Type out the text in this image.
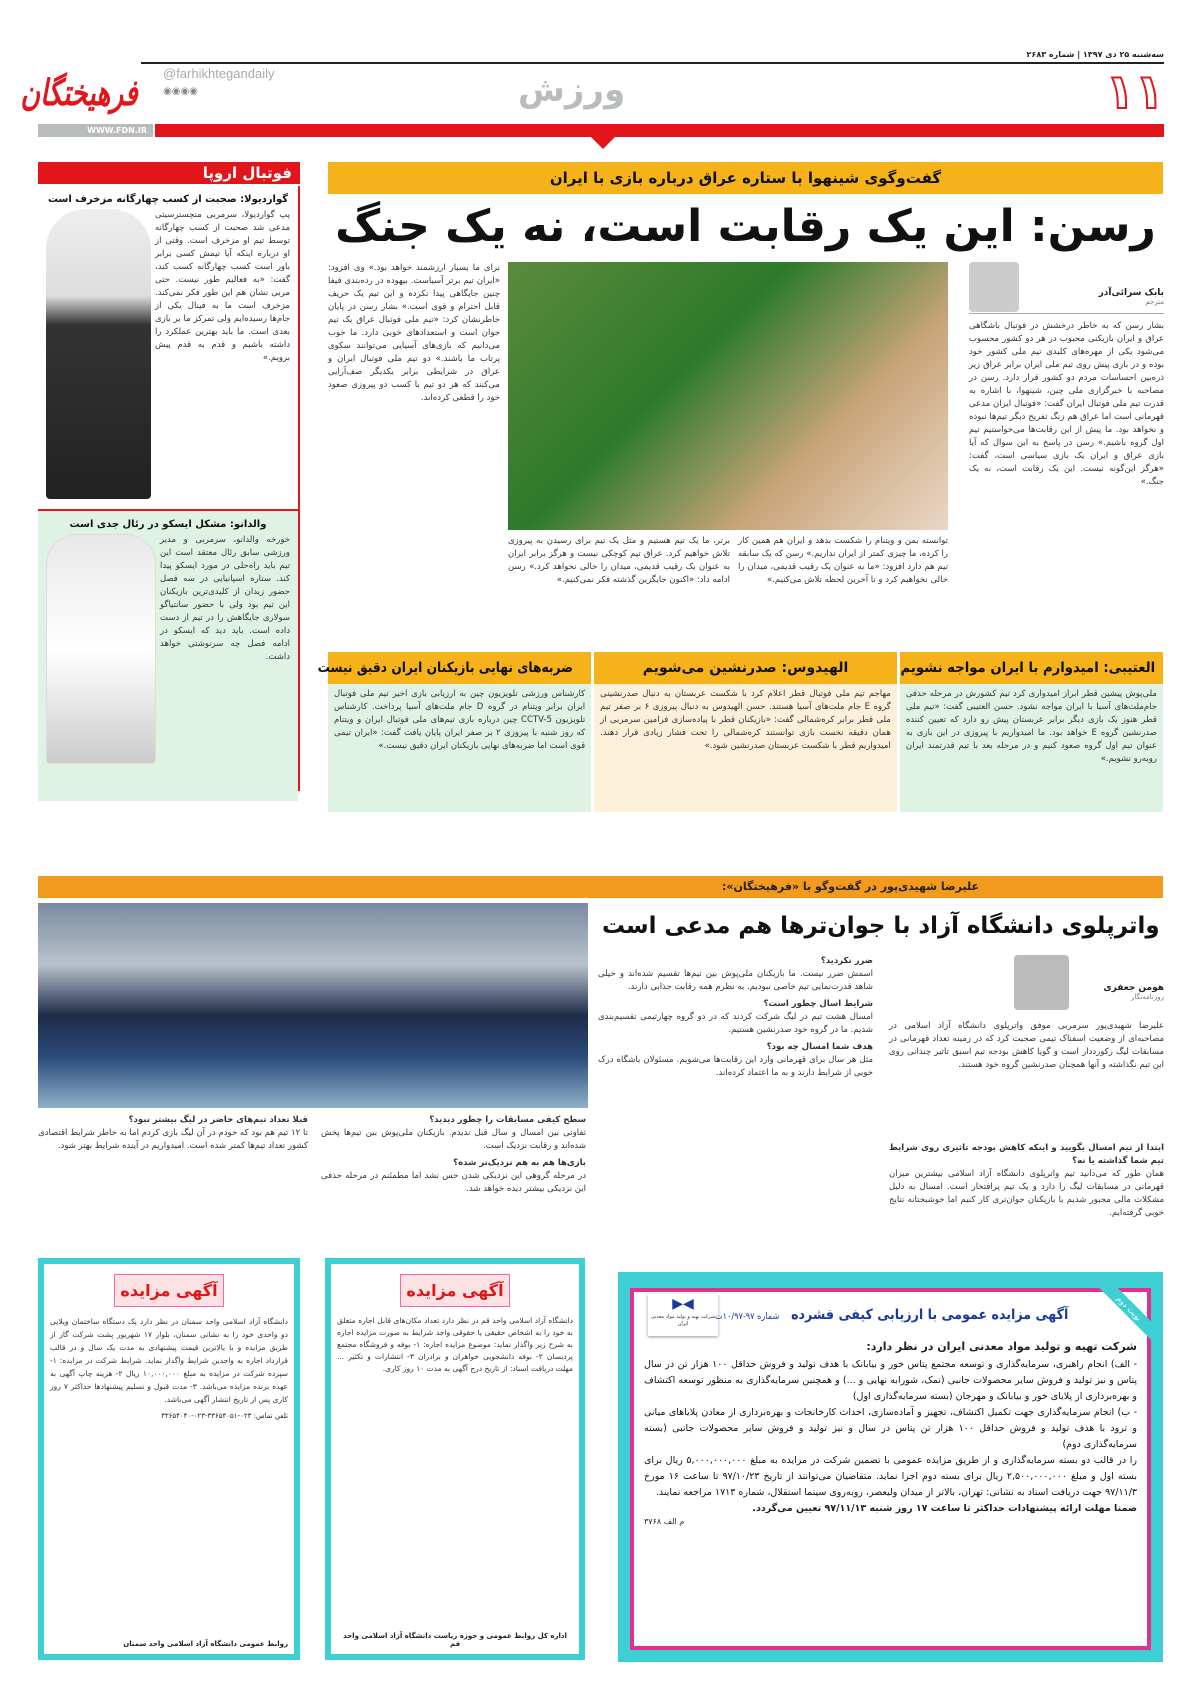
سه‌شنبه ۲۵ دی ۱۳۹۷ | شماره ۲۶۸۳
فرهیختگان	@farhikhtegandaily
◉◉◉◉	ورزش	۱۱
WWW.FDN.IR
فوتبال اروپا
گواردیولا: صحبت از کسب چهارگانه مزخرف است
پپ گواردیولا، سرمربی منچسترسیتی مدعی شد صحبت از کسب چهارگانه توسط تیم او مزخرف است. وقتی از او درباره اینکه آیا تیمش کسی برابر باور است کسب چهارگانه کسب کند، گفت: «به فعالیم طور نیست. حتی مربی نشان هم این طور فکر نمی‌کند. مزخرف است ما به فینال یکی از جام‌ها رسیده‌ایم ولی تمرکز ما بر بازی بعدی است. ما باید بهترین عملکرد را داشته باشیم و قدم به قدم پیش برویم.»
والدانو: مشکل ایسکو در رئال جدی است
خورخه والدانو، سرمربی و مدیر ورزشی سابق رئال معتقد است این تیم باید راه‌حلی در مورد ایسکو پیدا کند. ستاره اسپانیایی در سه فصل حضور زیدان از کلیدی‌ترین بازیکنان این تیم بود ولی با حضور سانتیاگو سولاری جایگاهش را در تیم از دست داده است. باید دید که ایسکو در ادامه فصل چه سرنوشتی خواهد داشت.
گفت‌وگوی شینهوا با ستاره عراق درباره بازی با ایران
رسن: این یک رقابت است، نه یک جنگ
بابک سرائی‌آذر
مترجم
بشار رسن که به خاطر درخشش در فوتبال باشگاهی عراق و ایران بازیکنی محبوب در هر دو کشور محسوب می‌شود یکی از مهره‌های کلیدی تیم ملی کشور خود بوده و در بازی پیش روی تیم ملی ایران برابر عراق زیر ذره‌بین احساسات مردم دو کشور قرار دارد. رسن در مصاحبه با خبرگزاری ملی چین، شینهوا، با اشاره به قدرت تیم ملی فوتبال ایران گفت: «فوتبال ایران مدعی قهرمانی است اما عراق هم زنگ تفریح دیگر تیم‌ها نبوده و نخواهد بود. ما پیش از این رقابت‌ها می‌خواستیم تیم اول گروه باشیم.» رسن در پاسخ به این سوال که آیا بازی عراق و ایران یک بازی سیاسی است، گفت: «هرگز این‌گونه نیست. این یک رقابت است، نه یک جنگ.»
توانسته بمن و ویتنام را شکست بدهد و ایران هم همین کار را کرده، ما چیزی کمتر از ایران نداریم.» رسن که یک سابقه تیم هم دارد افزود: «ما به عنوان یک رقیب قدیمی، میدان را خالی نخواهیم کرد و تا آخرین لحظه تلاش می‌کنیم.»
برتر، ما یک تیم هستیم و مثل یک تیم برای رسیدن به پیروزی تلاش خواهیم کرد. عراق تیم کوچکی نیست و هرگز برابر ایران به عنوان یک رقیب قدیمی، میدان را خالی نخواهد کرد.» رسن ادامه داد: «اکنون جایگزین گذشته فکر نمی‌کنیم.»
برای ما بسیار ارزشمند خواهد بود.» وی افزود: «ایران تیم برتر آسیاست. بیهوده در رده‌بندی فیفا چنین جایگاهی پیدا نکرده و این تیم یک حریف قابل احترام و قوی است.» بشار رسن در پایان خاطرنشان کرد: «تیم ملی فوتبال عراق یک تیم جوان است و استعدادهای خوبی دارد. ما خوب می‌دانیم که بازی‌های آسیایی می‌توانند سکوی پرتاب ما باشند.» دو تیم ملی فوتبال ایران و عراق در شرایطی برابر یکدیگر صف‌آرایی می‌کنند که هر دو تیم با کسب دو پیروزی صعود خود را قطعی کرده‌اند.
العتیبی: امیدوارم با ایران مواجه نشویم
ملی‌پوش پیشین قطر ابراز امیدواری کرد تیم کشورش در مرحله حذفی جام‌ملت‌های آسیا با ایران مواجه نشود. حسن العتیبی گفت: «تیم ملی قطر هنوز یک بازی دیگر برابر عربستان پیش رو دارد که تعیین کننده صدرنشین گروه E خواهد بود. ما امیدواریم با پیروزی در این بازی به عنوان تیم اول گروه صعود کنیم و در مرحله بعد با تیم قدرتمند ایران روبه‌رو نشویم.»
الهیدوس: صدرنشین می‌شویم
مهاجم تیم ملی فوتبال قطر اعلام کرد با شکست عربستان به دنبال صدرنشینی گروه E جام ملت‌های آسیا هستند. حسن الهیدوس به دنبال پیروزی ۶ بر صفر تیم ملی قطر برابر کره‌شمالی گفت: «بازیکنان قطر با پیاده‌سازی فرامین سرمربی از همان دقیقه نخست بازی توانستند کره‌شمالی را تحت فشار زیادی قرار دهند. امیدواریم قطر با شکست عربستان صدرنشین شود.»
ضربه‌های نهایی بازیکنان ایران دقیق نیست
کارشناس ورزشی تلویزیون چین به ارزیابی بازی اخیر تیم ملی فوتبال ایران برابر ویتنام در گروه D جام ملت‌های آسیا پرداخت. کارشناس تلویزیون CCTV-5 چین درباره بازی تیم‌های ملی فوتبال ایران و ویتنام که روز شنبه با پیروزی ۲ بر صفر ایران پایان یافت گفت: «ایران تیمی قوی است اما ضربه‌های نهایی بازیکنان ایران دقیق نیست.»
علیرضا شهیدی‌پور در گفت‌وگو با «فرهیختگان»:
واترپلوی دانشگاه آزاد با جوان‌ترها هم مدعی است
هومن جعفری
روزنامه‌نگار
علیرضا شهیدی‌پور سرمربی موفق واترپلوی دانشگاه آزاد اسلامی در مصاحبه‌ای از وضعیت اسفناک تیمی صحبت کرد که در زمینه تعداد قهرمانی در مسابقات لیگ رکورددار است و گویا کاهش بودجه تیم اسبق تاثیر چندانی روی این تیم نگذاشته و آنها همچنان صدرنشین گروه خود هستند.
ابتدا از تیم امسال بگویید و اینکه کاهش بودجه تاثیری روی شرایط تیم شما گذاشته یا نه؟
همان طور که می‌دانید تیم واترپلوی دانشگاه آزاد اسلامی بیشترین میزان قهرمانی در مسابقات لیگ را دارد و یک تیم پرافتخار است. امسال به دلیل مشکلات مالی مجبور شدیم با بازیکنان جوان‌تری کار کنیم اما خوشبختانه نتایج خوبی گرفته‌ایم.
ضرر نکردید؟
اسمش ضرر نیست. ما بازیکنان ملی‌پوش بین تیم‌ها تقسیم شده‌اند و خیلی شاهد قدرت‌نمایی تیم خاصی نبودیم. به نظرم همه رقابت جذابی دارند.
شرایط اسال چطور است؟
امسال هشت تیم در لیگ شرکت کردند که در دو گروه چهارتیمی تقسیم‌بندی شدیم. ما در گروه خود صدرنشین هستیم.
هدف شما امسال چه بود؟
مثل هر سال برای قهرمانی وارد این رقابت‌ها می‌شویم. مسئولان باشگاه درک خوبی از شرایط دارند و به ما اعتماد کرده‌اند.
سطح کیفی مسابقات را چطور دیدید؟
تفاوتی بین امسال و سال قبل ندیدم. بازیکنان ملی‌پوش بین تیم‌ها پخش شده‌اند و رقابت نزدیک است.
بازی‌ها هم به هم نزدیک‌تر شده؟
در مرحله گروهی این نزدیکی شدن حس نشد اما مطمئنم در مرحله حذفی این نزدیکی بیشتر دیده خواهد شد.
قبلا تعداد تیم‌های حاضر در لیگ بیشتر نبود؟
تا ۱۲ تیم هم بود که خودم در آن لیگ بازی کردم اما به خاطر شرایط اقتصادی کشور تعداد تیم‌ها کمتر شده است. امیدواریم در آینده شرایط بهتر شود.
نوبت دوم
◀▶
شرکت تهیه و تولید مواد معدنی ایران
آگهی مزایده عمومی با ارزیابی کیفی فشرده شماره ۹۷-۱۰/۹۷ت
شرکت تهیه و تولید مواد معدنی ایران در نظر دارد:
- الف) انجام راهبری، سرمایه‌گذاری و توسعه مجتمع پتاس خور و بیابانک با هدف تولید و فروش حداقل ۱۰۰ هزار تن در سال پتاس و نیز تولید و فروش سایر محصولات جانبی (نمک، شورابه نهایی و ...) و همچنین سرمایه‌گذاری به منظور توسعه اکتشاف و بهره‌برداری از پلایای خور و بیابانک و مهرجان (بسته سرمایه‌گذاری اول)
- ب) انجام سرمایه‌گذاری جهت تکمیل اکتشاف، تجهیز و آماده‌سازی، احداث کارخانجات و بهره‌برداری از معادن پلایاهای میانی و ترود با هدف تولید و فروش حداقل ۱۰۰ هزار تن پتاس در سال و نیز تولید و فروش سایر محصولات جانبی (بسته سرمایه‌گذاری دوم)
را در قالب دو بسته سرمایه‌گذاری و از طریق مزایده عمومی با تضمین شرکت در مزایده به مبلغ ۵,۰۰۰,۰۰۰,۰۰۰ ریال برای بسته اول و مبلغ ۲,۵۰۰,۰۰۰,۰۰۰ ریال برای بسته دوم اجرا نماید. متقاضیان می‌توانند از تاریخ ۹۷/۱۰/۲۳ تا ساعت ۱۶ مورخ ۹۷/۱۱/۳ جهت دریافت اسناد به نشانی: تهران، بالاتر از میدان ولیعصر، روبه‌روی سینما استقلال، شماره ۱۷۱۳ مراجعه نمایند.
ضمنا مهلت ارائه پیشنهادات حداکثر تا ساعت ۱۷ روز شنبه ۹۷/۱۱/۱۳ تعیین می‌گردد.
م الف ۳۷۶۸
آگهی مزایده
دانشگاه آزاد اسلامی واحد قم در نظر دارد تعداد مکان‌های قابل اجاره متعلق به خود را به اشخاص حقیقی یا حقوقی واجد شرایط به صورت مزایده اجاره به شرح زیر واگذار نماید: موضوع مزایده اجاره: ۱- بوفه و فروشگاه مجتمع پردیسان ۲- بوفه دانشجویی خواهران و برادران ۳- انتشارات و تکثیر ... مهلت دریافت اسناد: از تاریخ درج آگهی به مدت ۱۰ روز کاری.
اداره کل روابط عمومی و حوزه ریاست دانشگاه آزاد اسلامی واحد قم
آگهی مزایده
دانشگاه آزاد اسلامی واحد سمنان در نظر دارد یک دستگاه ساختمان ویلایی دو واحدی خود را به نشانی سمنان، بلوار ۱۷ شهریور پشت شرکت گاز از طریق مزایده و با بالاترین قیمت پیشنهادی به مدت یک سال و در قالب قرارداد اجاره به واجدین شرایط واگذار نماید. شرایط شرکت در مزایده: ۱- سپرده شرکت در مزایده به مبلغ ۱۰,۰۰۰,۰۰۰ ریال ۲- هزینه چاپ آگهی به عهده برنده مزایده می‌باشد. ۳- مدت قبول و تسلیم پیشنهادها حداکثر ۷ روز کاری پس از تاریخ انتشار آگهی می‌باشد.
تلفن تماس: ۰۲۳-۳۳۶۵۴۰۵۱-۰۲۳-۳۳۶۵۴۰۴۰
روابط عمومی دانشگاه آزاد اسلامی واحد سمنان
